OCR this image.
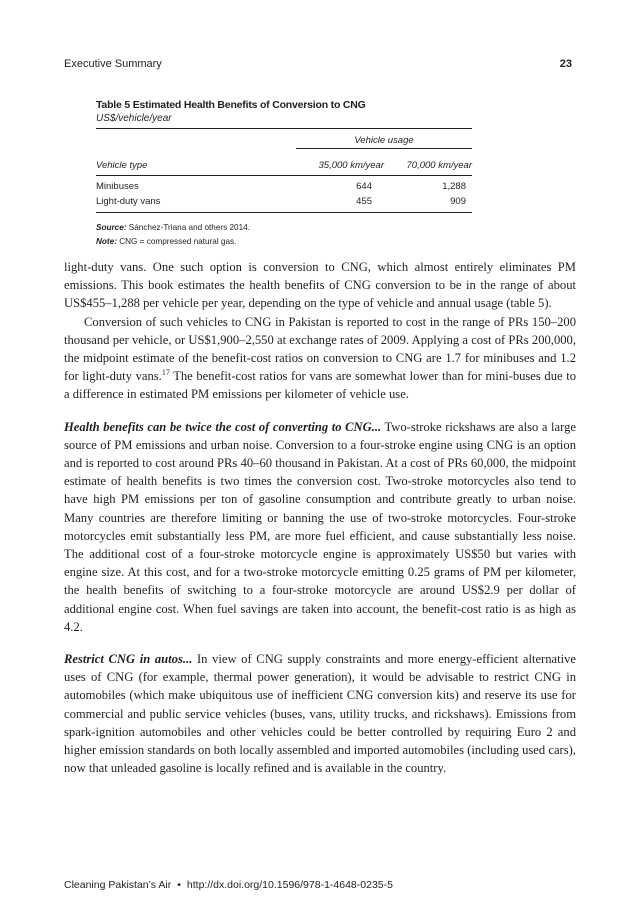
Executive Summary	23
Table 5 Estimated Health Benefits of Conversion to CNG
US$/vehicle/year
Vehicle usage
Vehicle type	35,000 km/year	70,000 km/year
Minibuses	644	1,288
Light-duty vans	455	909
Source: Sánchez-Triana and others 2014.
Note: CNG = compressed natural gas.

light-duty vans. One such option is conversion to CNG, which almost entirely eliminates PM emissions. This book estimates the health benefits of CNG conversion to be in the range of about US$455–1,288 per vehicle per year, depending on the type of vehicle and annual usage (table 5).

Conversion of such vehicles to CNG in Pakistan is reported to cost in the range of PRs 150–200 thousand per vehicle, or US$1,900–2,550 at exchange rates of 2009. Applying a cost of PRs 200,000, the midpoint estimate of the benefit-cost ratios on conversion to CNG are 1.7 for minibuses and 1.2 for light-duty vans.$^{17}$ The benefit-cost ratios for vans are somewhat lower than for mini-buses due to a difference in estimated PM emissions per kilometer of vehicle use.

Health benefits can be twice the cost of converting to CNG... Two-stroke rickshaws are also a large source of PM emissions and urban noise. Conversion to a four-stroke engine using CNG is an option and is reported to cost around PRs 40–60 thousand in Pakistan. At a cost of PRs 60,000, the midpoint estimate of health benefits is two times the conversion cost. Two-stroke motorcycles also tend to have high PM emissions per ton of gasoline consumption and contribute greatly to urban noise. Many countries are therefore limiting or banning the use of two-stroke motorcycles. Four-stroke motorcycles emit substantially less PM, are more fuel efficient, and cause substantially less noise. The additional cost of a four-stroke motorcycle engine is approximately US$50 but varies with engine size. At this cost, and for a two-stroke motorcycle emitting 0.25 grams of PM per kilometer, the health benefits of switching to a four-stroke motorcycle are around US$2.9 per dollar of additional engine cost. When fuel savings are taken into account, the benefit-cost ratio is as high as 4.2.

Restrict CNG in autos... In view of CNG supply constraints and more energy-efficient alternative uses of CNG (for example, thermal power generation), it would be advisable to restrict CNG in automobiles (which make ubiquitous use of inefficient CNG conversion kits) and reserve its use for commercial and public service vehicles (buses, vans, utility trucks, and rickshaws). Emissions from spark-ignition automobiles and other vehicles could be better controlled by requiring Euro 2 and higher emission standards on both locally assembled and imported automobiles (including used cars), now that unleaded gasoline is locally refined and is available in the country.

Cleaning Pakistan’s Air • http://dx.doi.org/10.1596/978-1-4648-0235-5
